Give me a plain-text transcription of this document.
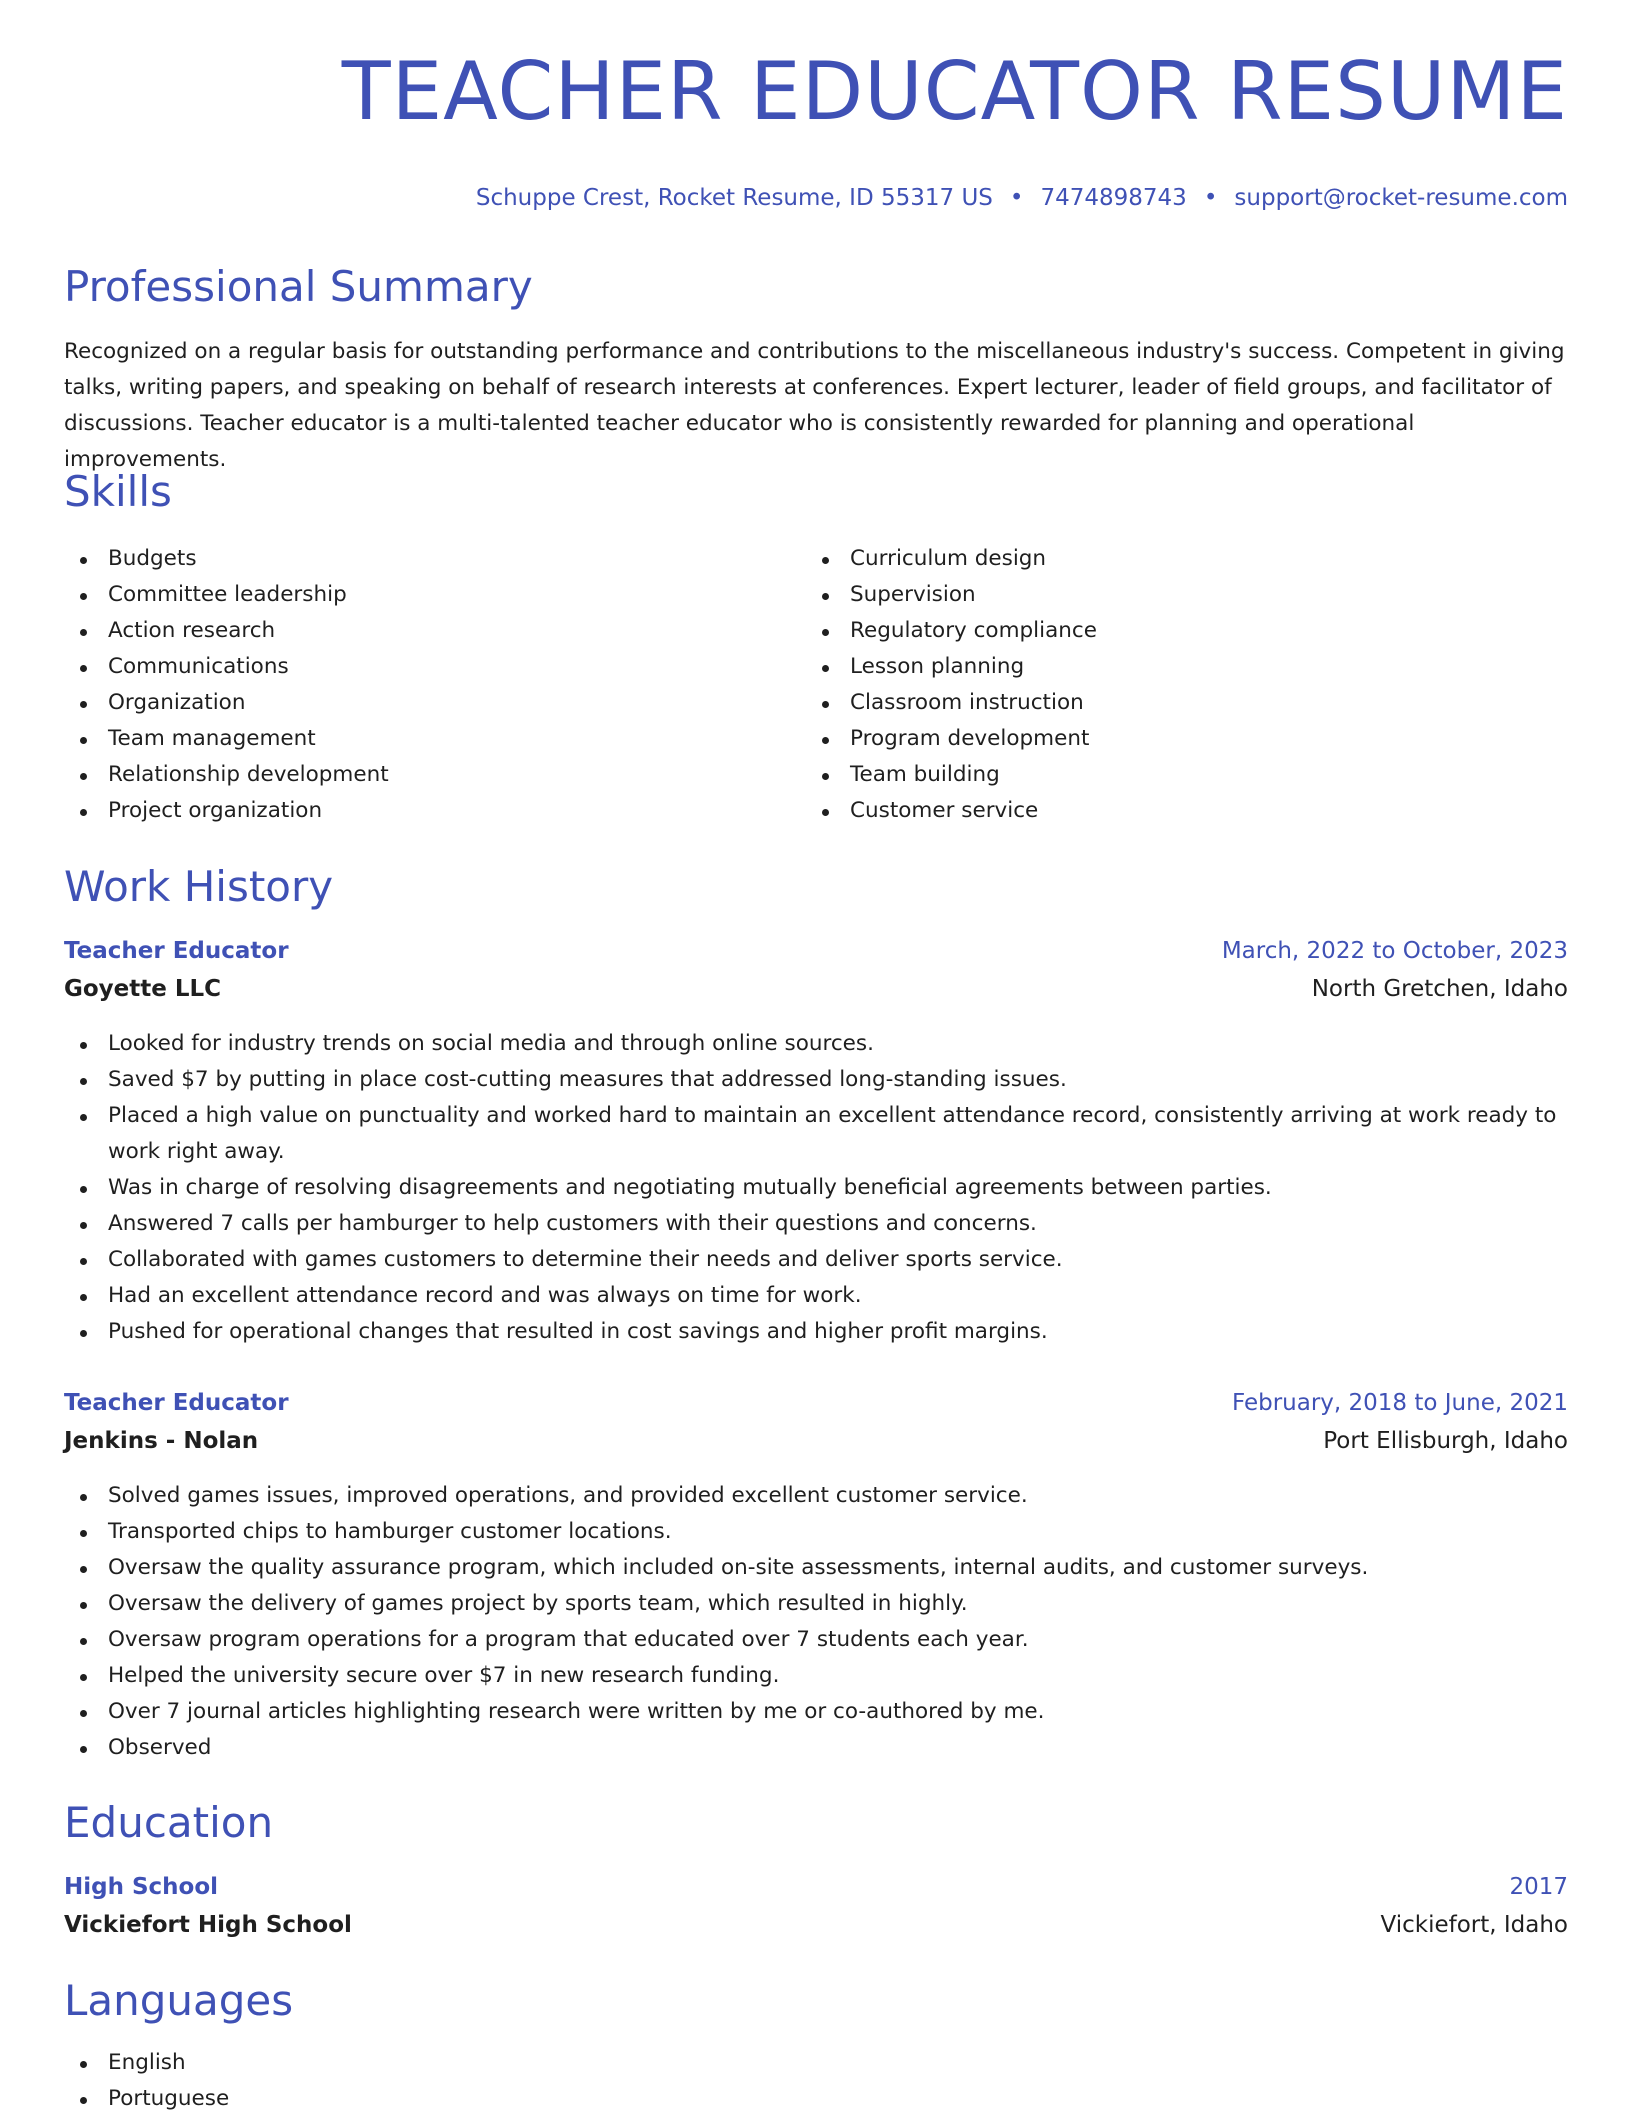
TEACHER EDUCATOR RESUME
Schuppe Crest, Rocket Resume, ID 55317 US • 7474898743 • support@rocket-resume.com
Professional Summary

Recognized on a regular basis for outstanding performance and contributions to the miscellaneous industry's success. Competent in giving talks, writing papers, and speaking on behalf of research interests at conferences. Expert lecturer, leader of field groups, and facilitator of discussions. Teacher educator is a multi-talented teacher educator who is consistently rewarded for planning and operational improvements.

Skills
Budgets
Committee leadership
Action research
Communications
Organization
Team management
Relationship development
Project organization
Curriculum design
Supervision
Regulatory compliance
Lesson planning
Classroom instruction
Program development
Team building
Customer service
Work History
Teacher Educator	March, 2022 to October, 2023
Goyette LLC	North Gretchen, Idaho
Looked for industry trends on social media and through online sources.
Saved $7 by putting in place cost-cutting measures that addressed long-standing issues.
Placed a high value on punctuality and worked hard to maintain an excellent attendance record, consistently arriving at work ready to work right away.
Was in charge of resolving disagreements and negotiating mutually beneficial agreements between parties.
Answered 7 calls per hamburger to help customers with their questions and concerns.
Collaborated with games customers to determine their needs and deliver sports service.
Had an excellent attendance record and was always on time for work.
Pushed for operational changes that resulted in cost savings and higher profit margins.
Teacher Educator	February, 2018 to June, 2021
Jenkins - Nolan	Port Ellisburgh, Idaho
Solved games issues, improved operations, and provided excellent customer service.
Transported chips to hamburger customer locations.
Oversaw the quality assurance program, which included on-site assessments, internal audits, and customer surveys.
Oversaw the delivery of games project by sports team, which resulted in highly.
Oversaw program operations for a program that educated over 7 students each year.
Helped the university secure over $7 in new research funding.
Over 7 journal articles highlighting research were written by me or co-authored by me.
Observed
Education
High School	2017
Vickiefort High School	Vickiefort, Idaho
Languages
English
Portuguese
